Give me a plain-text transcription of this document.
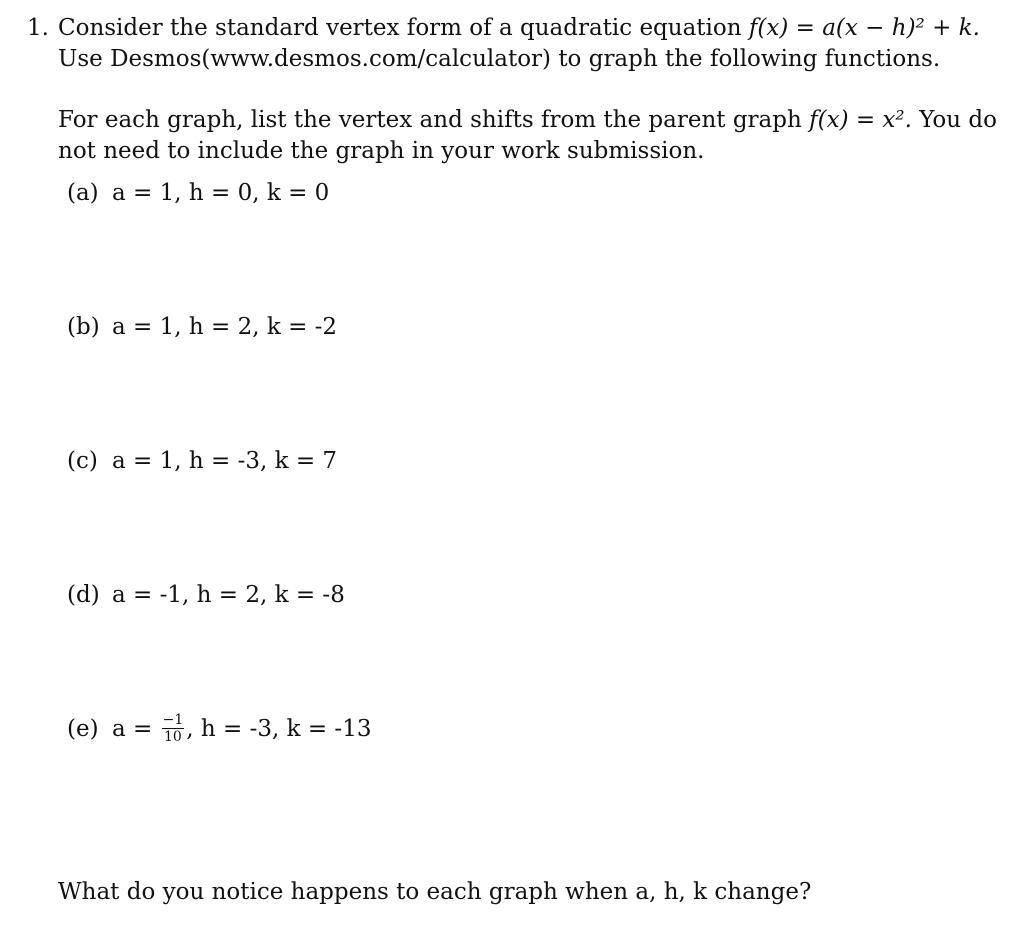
1. Consider the standard vertex form of a quadratic equation f(x) = a(x − h)² + k.
Use Desmos(www.desmos.com/calculator) to graph the following functions.
For each graph, list the vertex and shifts from the parent graph f(x) = x². You do
not need to include the graph in your work submission.
(a) a = 1, h = 0, k = 0
(b) a = 1, h = 2, k = -2
(c) a = 1, h = -3, k = 7
(d) a = -1, h = 2, k = -8
(e) $a = \frac{-1}{10}$ , h = -3, k = -13
What do you notice happens to each graph when a, h, k change?
